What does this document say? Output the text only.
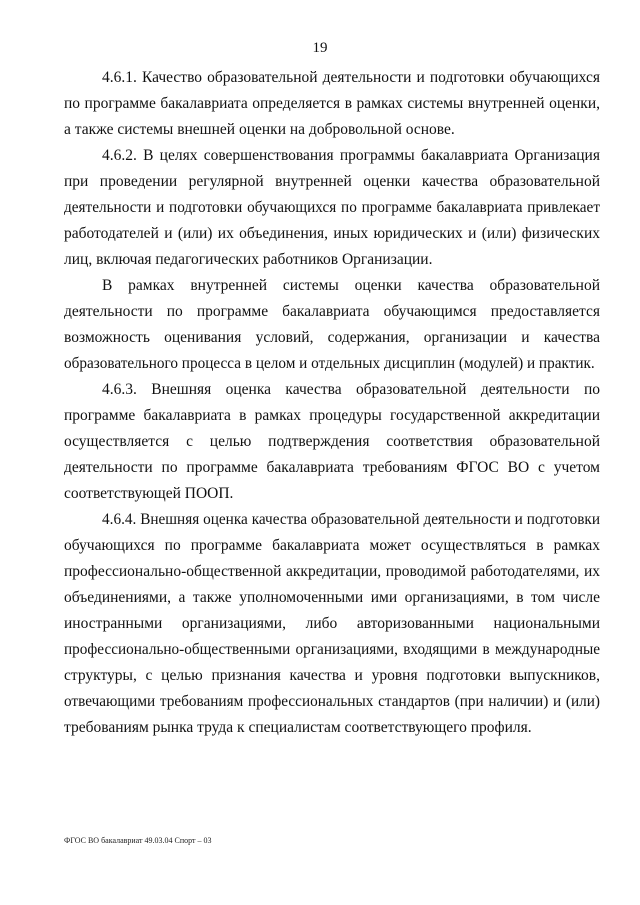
19
4.6.1. Качество образовательной деятельности и подготовки обучающихся
по программе бакалавриата определяется в рамках системы внутренней оценки,
а также системы внешней оценки на добровольной основе.
4.6.2. В целях совершенствования программы бакалавриата Организация
при проведении регулярной внутренней оценки качества образовательной
деятельности и подготовки обучающихся по программе бакалавриата привлекает
работодателей и (или) их объединения, иных юридических и (или) физических
лиц, включая педагогических работников Организации.
В рамках внутренней системы оценки качества образовательной
деятельности по программе бакалавриата обучающимся предоставляется
возможность оценивания условий, содержания, организации и качества
образовательного процесса в целом и отдельных дисциплин (модулей) и практик.
4.6.3. Внешняя оценка качества образовательной деятельности по
программе бакалавриата в рамках процедуры государственной аккредитации
осуществляется с целью подтверждения соответствия образовательной
деятельности по программе бакалавриата требованиям ФГОС ВО с учетом
соответствующей ПООП.
4.6.4. Внешняя оценка качества образовательной деятельности и подготовки
обучающихся по программе бакалавриата может осуществляться в рамках
профессионально-общественной аккредитации, проводимой работодателями, их
объединениями, а также уполномоченными ими организациями, в том числе
иностранными организациями, либо авторизованными национальными
профессионально-общественными организациями, входящими в международные
структуры, с целью признания качества и уровня подготовки выпускников,
отвечающими требованиям профессиональных стандартов (при наличии) и (или)
требованиям рынка труда к специалистам соответствующего профиля.
ФГОС ВО бакалавриат 49.03.04 Спорт – 03
